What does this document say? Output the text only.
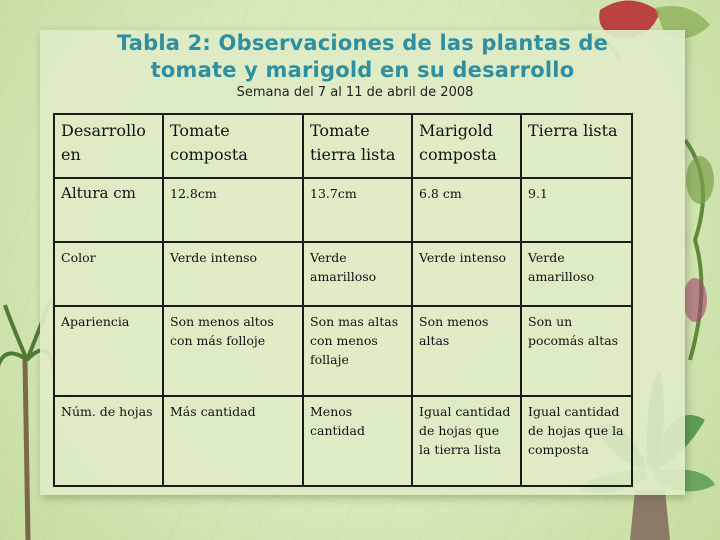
Tabla 2: Observaciones de las plantas de
tomate y marigold en su desarrollo

Semana del 7 al 11 de abril de 2008

Desarrollo en	Tomate composta	Tomate tierra lista	Marigold composta	Tierra lista
Altura cm	12.8cm	13.7cm	6.8 cm	9.1
Color	Verde intenso	Verde amarilloso	Verde intenso	Verde amarilloso
Apariencia	Son menos altos con más folloje	Son mas altas con menos follaje	Son menos altas	Son un pocomás altas
Núm. de hojas	Más cantidad	Menos cantidad	Igual cantidad de hojas que la tierra lista	Igual cantidad de hojas que la composta
